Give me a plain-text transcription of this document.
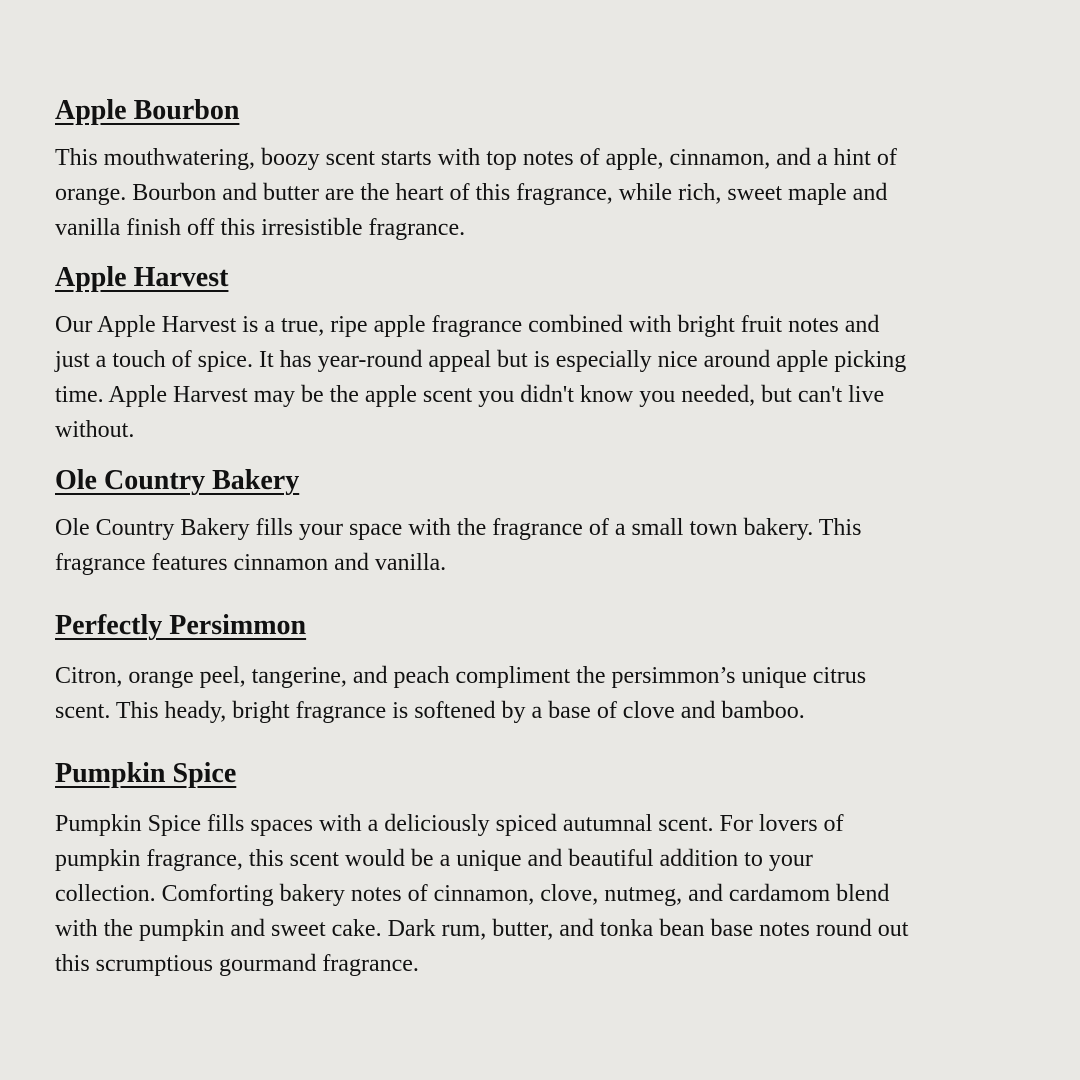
Apple Bourbon

This mouthwatering, boozy scent starts with top notes of apple, cinnamon, and a hint of
orange. Bourbon and butter are the heart of this fragrance, while rich, sweet maple and
vanilla finish off this irresistible fragrance.

Apple Harvest

Our Apple Harvest is a true, ripe apple fragrance combined with bright fruit notes and
just a touch of spice. It has year-round appeal but is especially nice around apple picking
time. Apple Harvest may be the apple scent you didn't know you needed, but can't live
without.

Ole Country Bakery

Ole Country Bakery fills your space with the fragrance of a small town bakery. This
fragrance features cinnamon and vanilla.

Perfectly Persimmon

Citron, orange peel, tangerine, and peach compliment the persimmon’s unique citrus
scent. This heady, bright fragrance is softened by a base of clove and bamboo.

Pumpkin Spice

Pumpkin Spice fills spaces with a deliciously spiced autumnal scent. For lovers of
pumpkin fragrance, this scent would be a unique and beautiful addition to your
collection. Comforting bakery notes of cinnamon, clove, nutmeg, and cardamom blend
with the pumpkin and sweet cake. Dark rum, butter, and tonka bean base notes round out
this scrumptious gourmand fragrance.
